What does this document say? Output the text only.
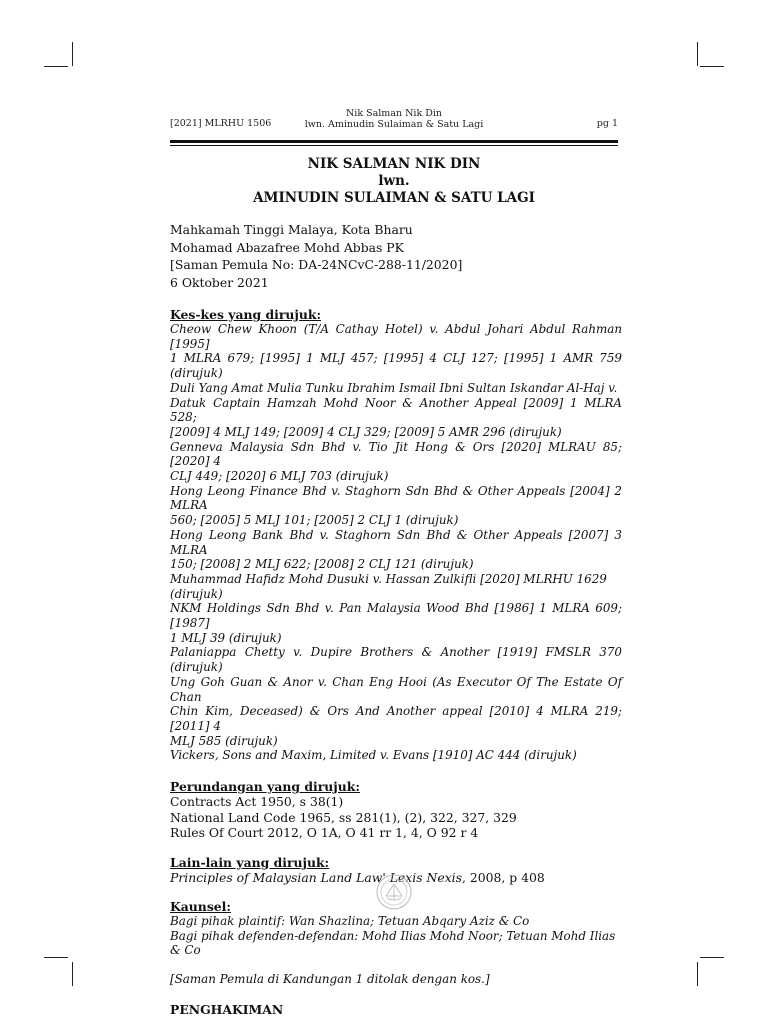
[2021] MLRHU 1506
Nik Salman Nik Din
lwn. Aminudin Sulaiman & Satu Lagi	pg 1
NIK SALMAN NIK DIN
lwn.
AMINUDIN SULAIMAN & SATU LAGI

Mahkamah Tinggi Malaya, Kota Bharu

Mohamad Abazafree Mohd Abbas PK

[Saman Pemula No: DA-24NCvC-288-11/2020]

6 Oktober 2021

Kes-kes yang dirujuk:

Cheow Chew Khoon (T/A Cathay Hotel) v. Abdul Johari Abdul Rahman [1995]

1 MLRA 679; [1995] 1 MLJ 457; [1995] 4 CLJ 127; [1995] 1 AMR 759 (dirujuk)

Duli Yang Amat Mulia Tunku Ibrahim Ismail Ibni Sultan Iskandar Al-Haj v.

Datuk Captain Hamzah Mohd Noor & Another Appeal [2009] 1 MLRA 528;

[2009] 4 MLJ 149; [2009] 4 CLJ 329; [2009] 5 AMR 296 (dirujuk)

Genneva Malaysia Sdn Bhd v. Tio Jit Hong & Ors [2020] MLRAU 85; [2020] 4

CLJ 449; [2020] 6 MLJ 703 (dirujuk)

Hong Leong Finance Bhd v. Staghorn Sdn Bhd & Other Appeals [2004] 2 MLRA

560; [2005] 5 MLJ 101; [2005] 2 CLJ 1 (dirujuk)

Hong Leong Bank Bhd v. Staghorn Sdn Bhd & Other Appeals [2007] 3 MLRA

150; [2008] 2 MLJ 622; [2008] 2 CLJ 121 (dirujuk)

Muhammad Hafidz Mohd Dusuki v. Hassan Zulkifli [2020] MLRHU 1629

(dirujuk)

NKM Holdings Sdn Bhd v. Pan Malaysia Wood Bhd [1986] 1 MLRA 609; [1987]

1 MLJ 39 (dirujuk)

Palaniappa Chetty v. Dupire Brothers & Another [1919] FMSLR 370 (dirujuk)

Ung Goh Guan & Anor v. Chan Eng Hooi (As Executor Of The Estate Of Chan

Chin Kim, Deceased) & Ors And Another appeal [2010] 4 MLRA 219; [2011] 4

MLJ 585 (dirujuk)

Vickers, Sons and Maxim, Limited v. Evans [1910] AC 444 (dirujuk)

Perundangan yang dirujuk:

Contracts Act 1950, s 38(1)

National Land Code 1965, ss 281(1), (2), 322, 327, 329

Rules Of Court 2012, O 1A, O 41 rr 1, 4, O 92 r 4

Lain-lain yang dirujuk:

Principles of Malaysian Land Law' Lexis Nexis, 2008, p 408

Kaunsel:

Bagi pihak plaintif: Wan Shazlina; Tetuan Abqary Aziz & Co

Bagi pihak defenden-defendan: Mohd Ilias Mohd Noor; Tetuan Mohd Ilias & Co

[Saman Pemula di Kandungan 1 ditolak dengan kos.]

PENGHAKIMAN
